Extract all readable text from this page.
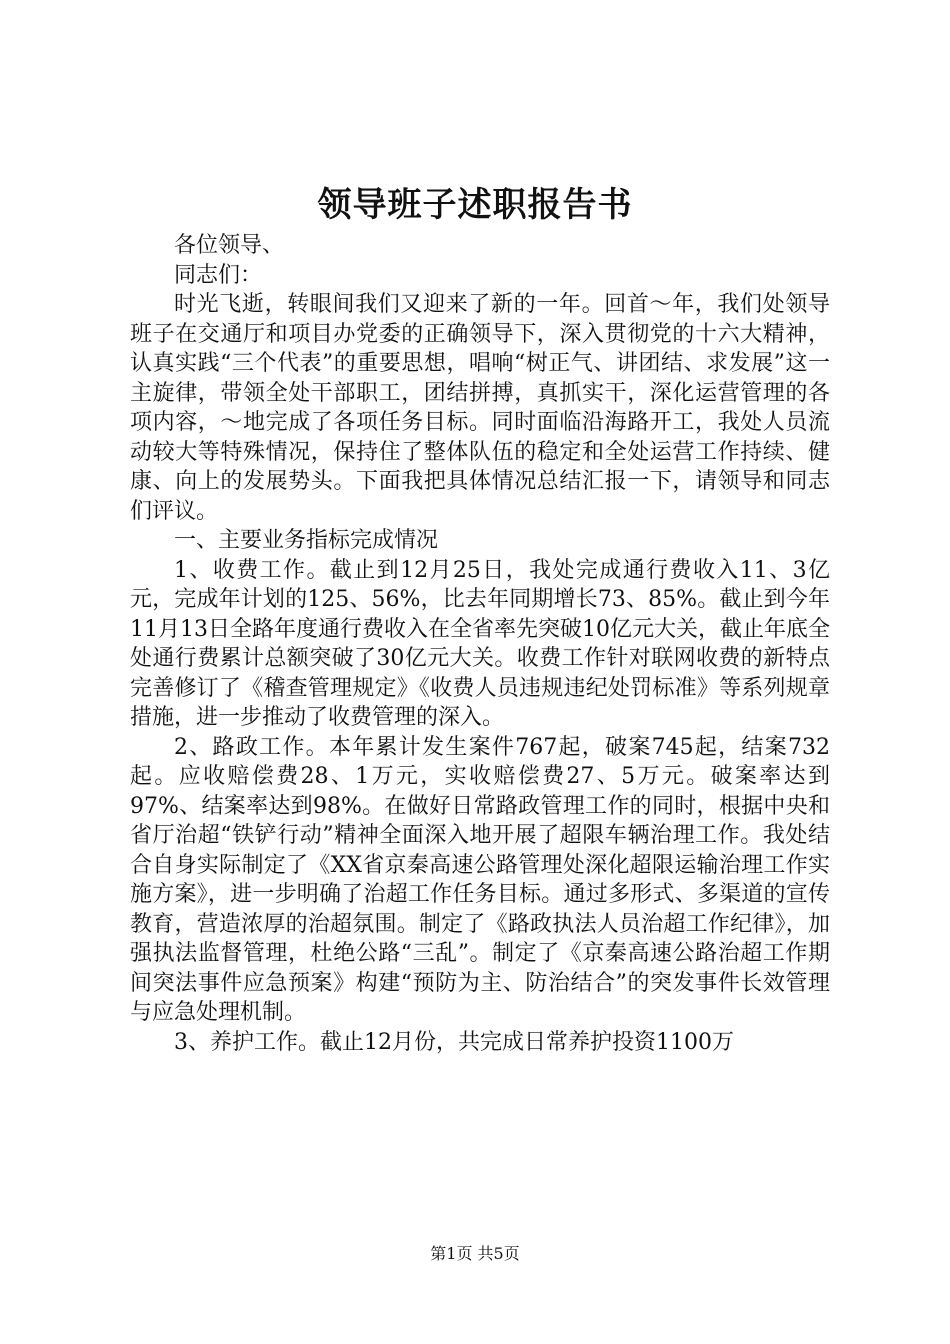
领导班子述职报告书

各位领导、

同志们：

时光飞逝，转眼间我们又迎来了新的一年。回首～年，我们处领导班子在交通厅和项目办党委的正确领导下，深入贯彻党的十六大精神，认真实践“三个代表”的重要思想，唱响“树正气、讲团结、求发展”这一主旋律，带领全处干部职工，团结拼搏，真抓实干，深化运营管理的各项内容，～地完成了各项任务目标。同时面临沿海路开工，我处人员流动较大等特殊情况，保持住了整体队伍的稳定和全处运营工作持续、健康、向上的发展势头。下面我把具体情况总结汇报一下，请领导和同志们评议。

一、主要业务指标完成情况

1、收费工作。截止到12月25日，我处完成通行费收入11、3亿元，完成年计划的125、56%，比去年同期增长73、85%。截止到今年11月13日全路年度通行费收入在全省率先突破10亿元大关，截止年底全处通行费累计总额突破了30亿元大关。收费工作针对联网收费的新特点完善修订了《稽查管理规定》《收费人员违规违纪处罚标准》等系列规章措施，进一步推动了收费管理的深入。

2、路政工作。本年累计发生案件767起，破案745起，结案732起。应收赔偿费28、1万元，实收赔偿费27、5万元。破案率达到97%、结案率达到98%。在做好日常路政管理工作的同时，根据中央和省厅治超“铁铲行动”精神全面深入地开展了超限车辆治理工作。我处结合自身实际制定了《XX省京秦高速公路管理处深化超限运输治理工作实施方案》，进一步明确了治超工作任务目标。通过多形式、多渠道的宣传教育，营造浓厚的治超氛围。制定了《路政执法人员治超工作纪律》，加强执法监督管理，杜绝公路“三乱”。制定了《京秦高速公路治超工作期间突法事件应急预案》构建“预防为主、防治结合”的突发事件长效管理与应急处理机制。

3、养护工作。截止12月份，共完成日常养护投资1100万

第1页 共5页
